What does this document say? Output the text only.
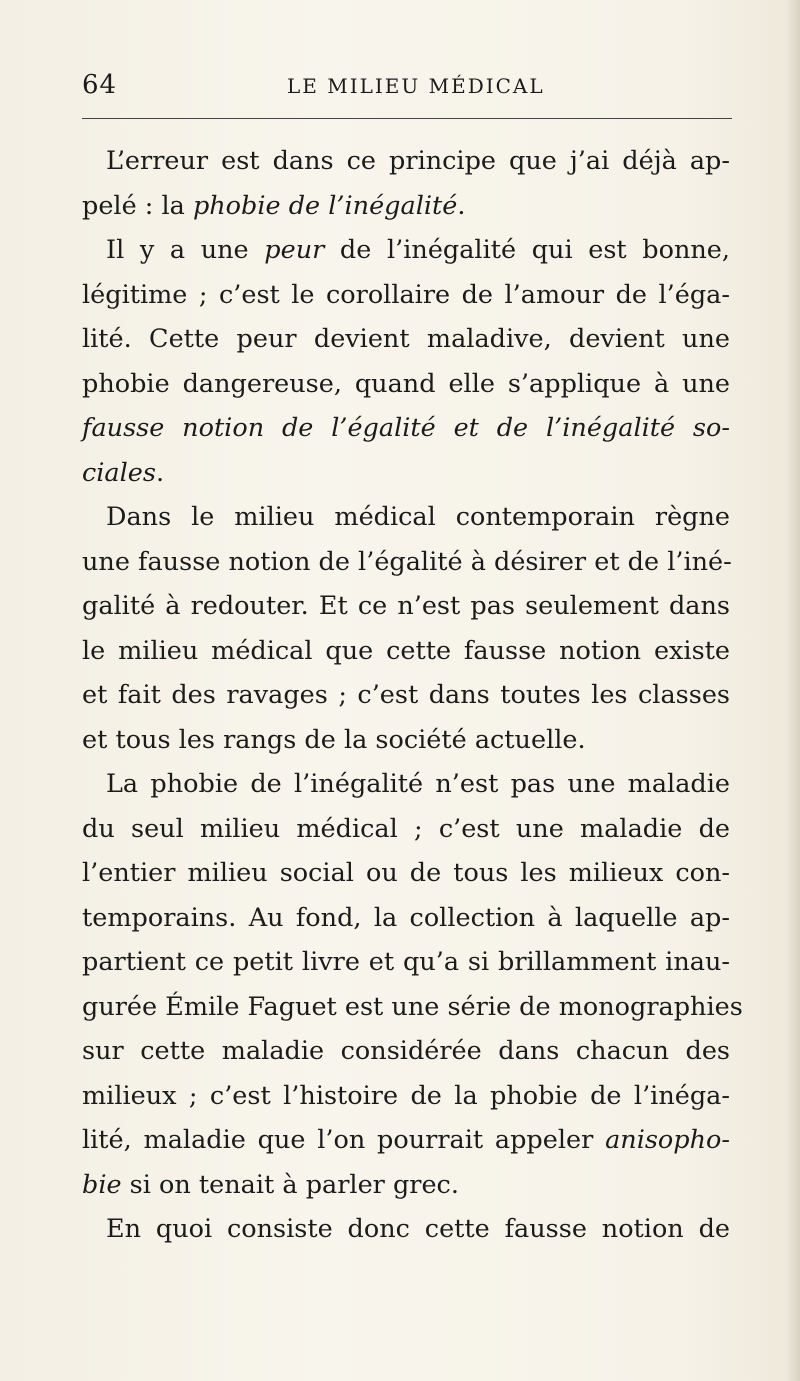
64	LE MILIEU MÉDICAL
L’erreur est dans ce principe que j’ai déjà ap-
pelé : la phobie de l’inégalité.
Il y a une peur de l’inégalité qui est bonne,
légitime ; c’est le corollaire de l’amour de l’éga-
lité. Cette peur devient maladive, devient une
phobie dangereuse, quand elle s’applique à une
fausse notion de l’égalité et de l’inégalité so-
ciales.
Dans le milieu médical contemporain règne
une fausse notion de l’égalité à désirer et de l’iné-
galité à redouter. Et ce n’est pas seulement dans
le milieu médical que cette fausse notion existe
et fait des ravages ; c’est dans toutes les classes
et tous les rangs de la société actuelle.
La phobie de l’inégalité n’est pas une maladie
du seul milieu médical ; c’est une maladie de
l’entier milieu social ou de tous les milieux con-
temporains. Au fond, la collection à laquelle ap-
partient ce petit livre et qu’a si brillamment inau-
gurée Émile Faguet est une série de monographies
sur cette maladie considérée dans chacun des
milieux ; c’est l’histoire de la phobie de l’inéga-
lité, maladie que l’on pourrait appeler anisopho-
bie si on tenait à parler grec.
En quoi consiste donc cette fausse notion de
